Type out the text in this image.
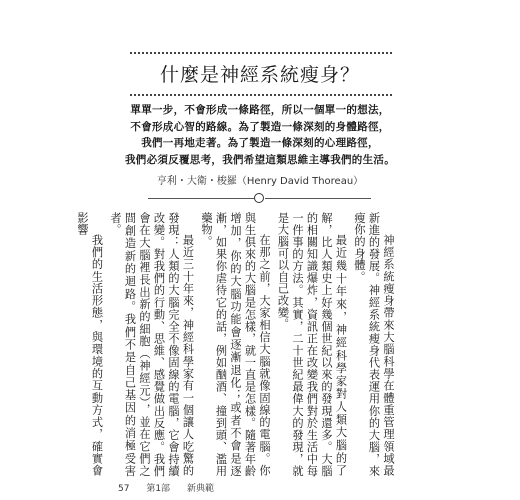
什麼是神經系統瘦身？
單單一步，不會形成一條路徑，所以一個單一的想法，
不會形成心智的路線。為了製造一條深刻的身體路徑，
我們一再地走著。為了製造一條深刻的心理路徑，
我們必須反覆思考，我們希望這類思維主導我們的生活。
亨利・大衛・梭羅（Henry David Thoreau）

神經系統瘦身帶來大腦科學在體重管理領域最新進的發展。神經系統瘦身代表運用你的大腦，來瘦你的身體。

最近幾十年來，神經科學家對人類大腦的了解，比人類史上好幾個世紀以來的發現還多。大腦的相關知識爆炸，資訊正在改變我們對於生活中每一件事的方法。其實，二十世紀最偉大的發現，就是大腦可以自己改變。

在那之前，大家相信大腦就像固線的電腦。你與生俱來的大腦是怎樣，就一直是怎樣。隨著年齡增加，你的大腦功能會逐漸退化；或者不會是逐漸，如果你虐待它的話，例如酗酒、撞到頭、濫用藥物。

最近三十年來，神經科學家有一個讓人吃驚的發現：人類的大腦完全不像固線的電腦，它會持續改變。對我們的行動、思維、感覺做出反應。我們會在大腦裡長出新的細胞（神經元），並在它們之間創造新的迴路。我們不是自己基因的消極受害者。

我們的生活形態，與環境的互動方式，確實會影響

57 第1部 新典範
